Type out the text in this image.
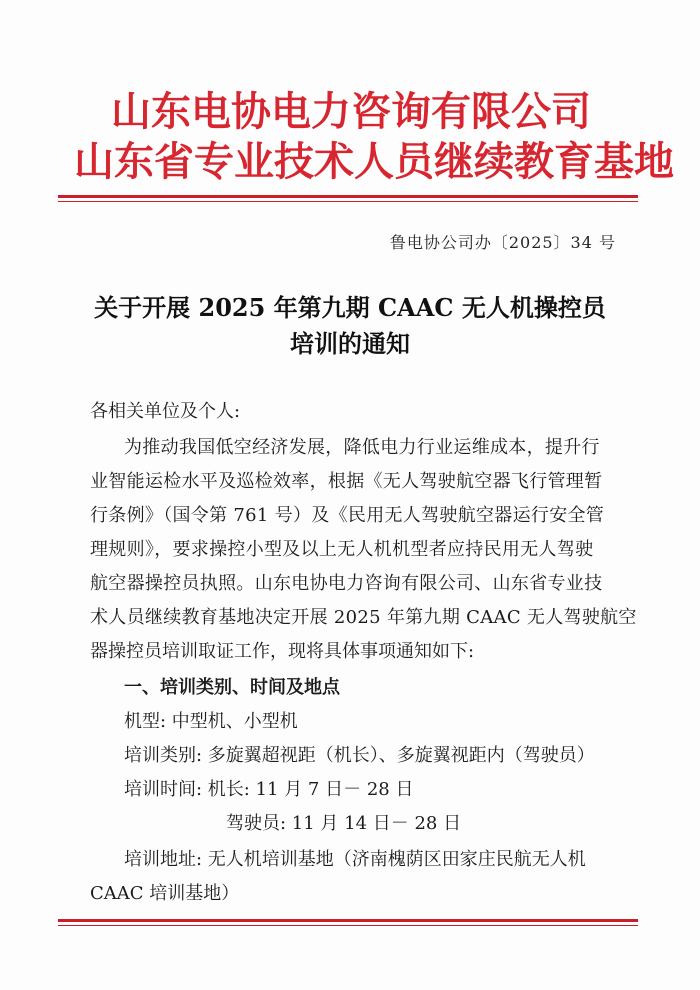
山东电协电力咨询有限公司
山东省专业技术人员继续教育基地
鲁电协公司办〔2025〕34 号
关于开展 2025 年第九期 CAAC 无人机操控员
培训的通知
各相关单位及个人:
为推动我国低空经济发展，降低电力行业运维成本，提升行
业智能运检水平及巡检效率，根据《无人驾驶航空器飞行管理暂
行条例》（国令第 761 号）及《民用无人驾驶航空器运行安全管
理规则》，要求操控小型及以上无人机机型者应持民用无人驾驶
航空器操控员执照。山东电协电力咨询有限公司、山东省专业技
术人员继续教育基地决定开展 2025 年第九期 CAAC 无人驾驶航空
器操控员培训取证工作，现将具体事项通知如下:
一、培训类别、时间及地点
机型: 中型机、小型机
培训类别: 多旋翼超视距（机长）、多旋翼视距内（驾驶员）
培训时间: 机长: 11 月 7 日－ 28 日
驾驶员: 11 月 14 日－ 28 日
培训地址: 无人机培训基地（济南槐荫区田家庄民航无人机
CAAC 培训基地）
